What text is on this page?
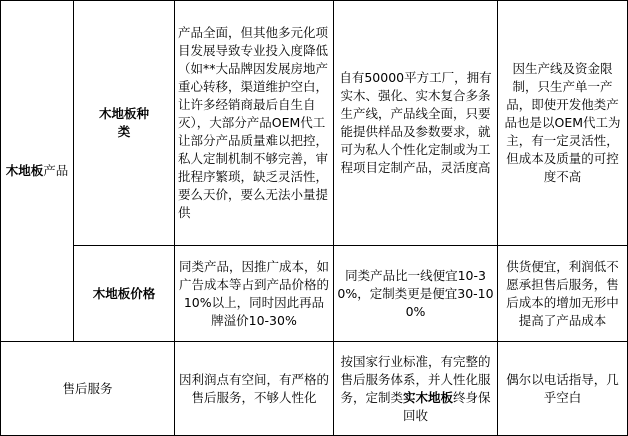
木地板产品	木地板种类	产品全面，但其他多元化项目发展导致专业投入度降低（如**大品牌因发展房地产重心转移，渠道维护空白，让许多经销商最后自生自灭），大部分产品OEM代工让部分产品质量难以把控，私人定制机制不够完善，审批程序繁琐，缺乏灵活性，要么天价，要么无法小量提供	自有50000平方工厂，拥有实木、强化、实木复合多条生产线，产品线全面，只要能提供样品及参数要求，就可为私人个性化定制或为工程项目定制产品，灵活度高	因生产线及资金限制，只生产单一产品，即使开发他类产品也是以OEM代工为主，有一定灵活性，但成本及质量的可控度不高
	木地板价格	同类产品，因推广成本，如广告成本等占到产品价格的10%以上，同时因此再品牌溢价10-30%	同类产品比一线便宜10-30%，定制类更是便宜30-100%	供货便宜，利润低不愿承担售后服务，售后成本的增加无形中提高了产品成本
售后服务		因利润点有空间，有严格的售后服务，不够人性化	按国家行业标准，有完整的售后服务体系，并人性化服务，定制类实木地板终身保回收	偶尔以电话指导，几乎空白
